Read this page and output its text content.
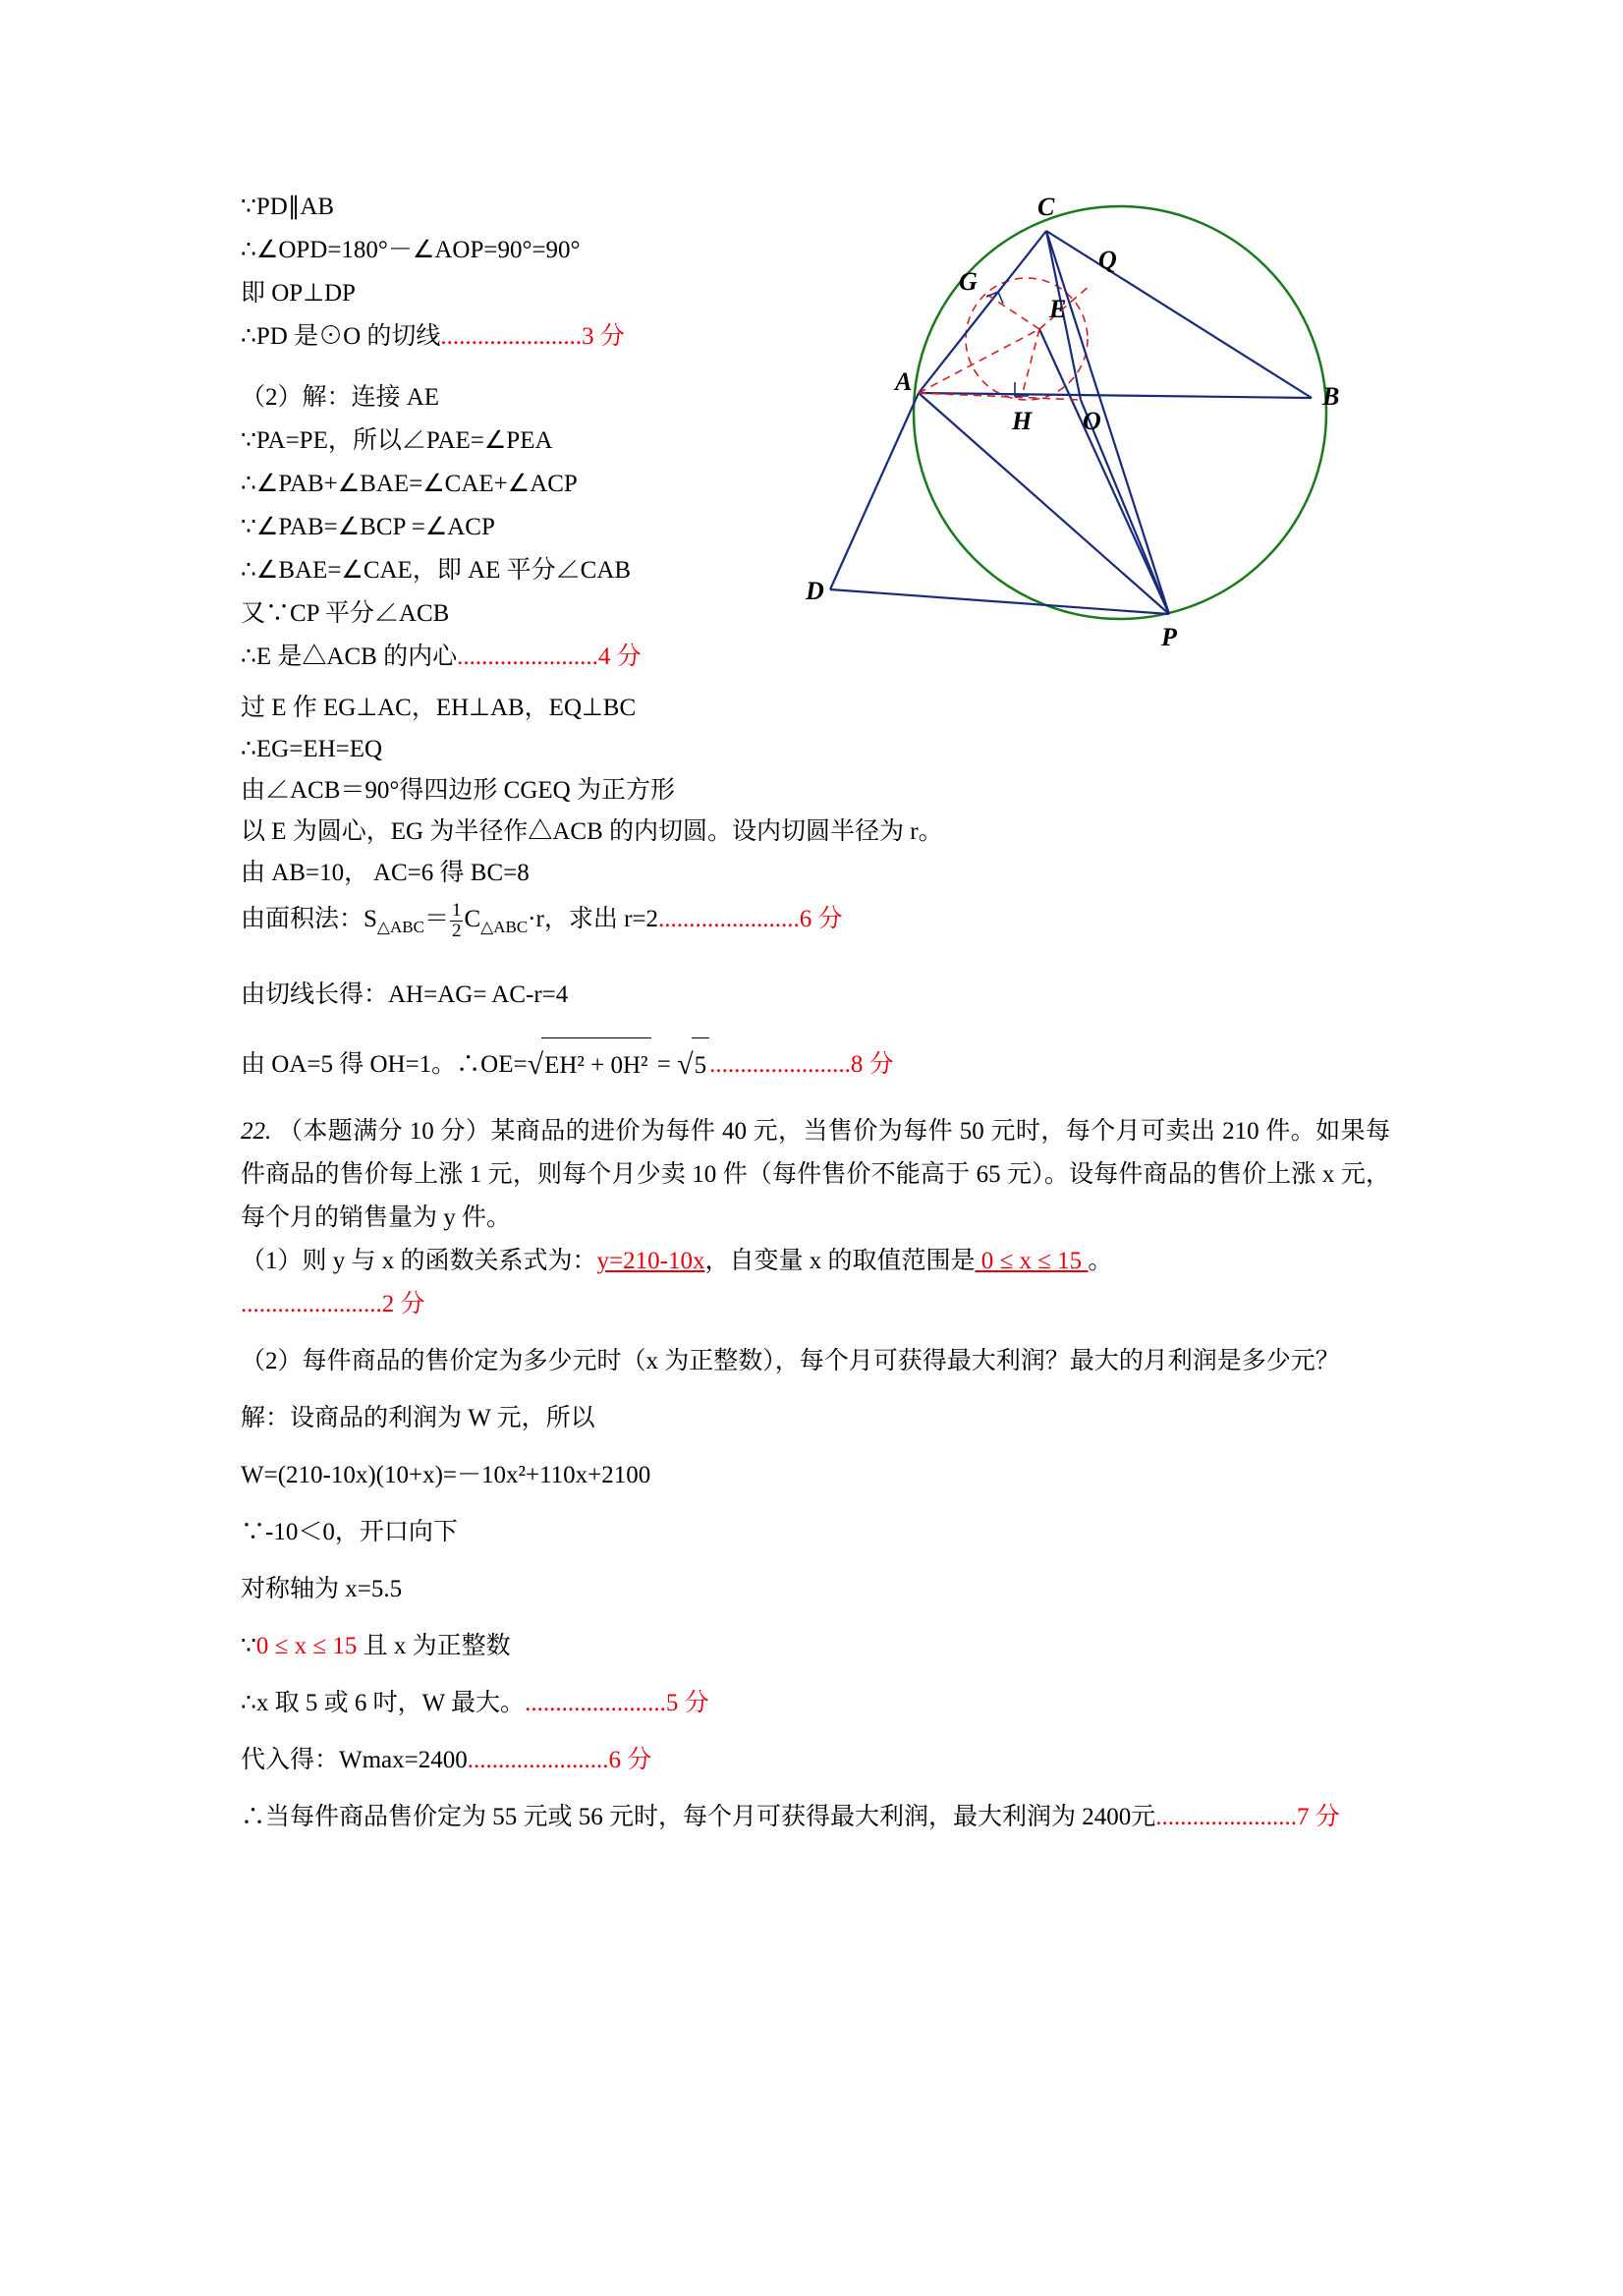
∵PD∥AB
∴∠OPD=180°－∠AOP=90°=90°
即 OP⊥DP
∴PD 是⊙O 的切线.......................3 分
（2）解：连接 AE
∵PA=PE，所以∠PAE=∠PEA
∴∠PAB+∠BAE=∠CAE+∠ACP
∵∠PAB=∠BCP =∠ACP
∴∠BAE=∠CAE，即 AE 平分∠CAB
又∵CP 平分∠ACB
∴E 是△ACB 的内心.......................4 分
A
B
C
D
E
G
H O
P
Q
过 E 作 EG⊥AC，EH⊥AB，EQ⊥BC
∴EG=EH=EQ
由∠ACB＝90°得四边形 CGEQ 为正方形
以 E 为圆心，EG 为半径作△ACB 的内切圆。设内切圆半径为 r。
由 AB=10， AC=6 得 BC=8
由面积法：$S_{\triangle ABC}= \frac{1}{2} C_{\triangle ABC}\cdot r$，求出 r=2.......................6 分
由切线长得：AH=AG= AC-r=4
由 OA=5 得 OH=1。∴OE=√EH² + 0H² = √5 .......................8 分
22. （本题满分 10 分）某商品的进价为每件 40 元，当售价为每件 50 元时，每个月可卖出 210 件。如果每件商品的售价每上涨 1 元，则每个月少卖 10 件（每件售价不能高于 65 元）。设每件商品的售价上涨 x 元，每个月的销售量为 y 件。
（1）则 y 与 x 的函数关系式为：y=210-10x，自变量 x 的取值范围是 0 ≤ x ≤ 15 。
.......................2 分
（2）每件商品的售价定为多少元时（x 为正整数），每个月可获得最大利润？最大的月利润是多少元？
解：设商品的利润为 W 元，所以
W=(210-10x)(10+x)=－10x²+110x+2100
∵-10＜0，开口向下
对称轴为 x=5.5
∵0 ≤ x ≤ 15 且 x 为正整数
∴x 取 5 或 6 吋，W 最大。.......................5 分
代入得：Wmax=2400.......................6 分
∴当每件商品售价定为 55 元或 56 元时，每个月可获得最大利润，最大利润为 2400元.......................7 分
